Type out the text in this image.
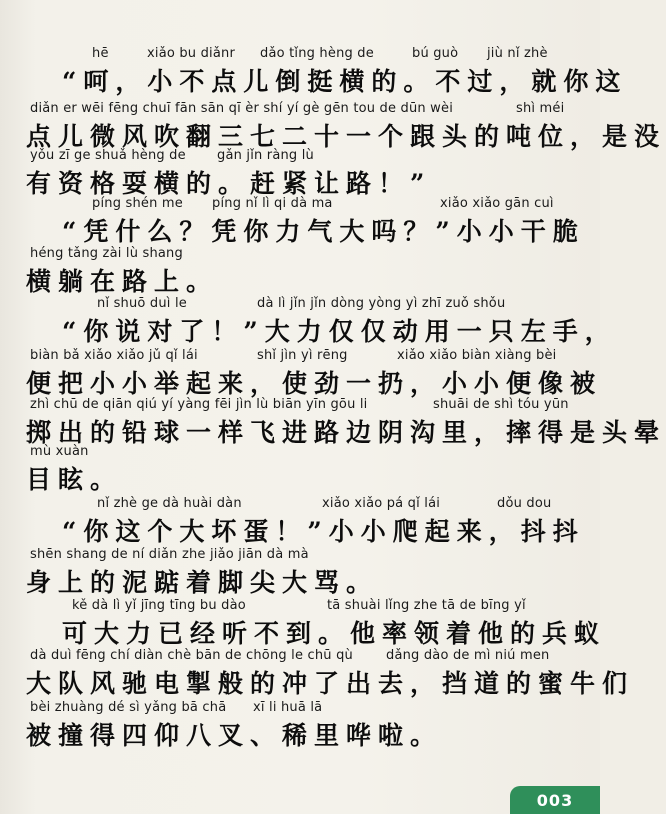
hē	xiǎo bu diǎnr dǎo tǐng hèng de	bú guò jiù nǐ zhè
“呵，小不点儿倒挺横的。不过，就你这
diǎn er wēi fēng chuī fān sān qī èr shí yí gè gēn tou de dūn wèi	shì méi
点儿微风吹翻三七二十一个跟头的吨位，是没
yǒu zī ge shuǎ hèng de gǎn jǐn ràng lù
有资格耍横的。赶紧让路！”
píng shén me píng nǐ lì qi dà ma	xiǎo xiǎo gān cuì
“凭什么？凭你力气大吗？”小小干脆
héng tǎng zài lù shang
横躺在路上。
nǐ shuō duì le	dà lì jǐn jǐn dòng yòng yì zhī zuǒ shǒu
“你说对了！”大力仅仅动用一只左手，
biàn bǎ xiǎo xiǎo jǔ qǐ lái	shǐ jìn yì rēng	xiǎo xiǎo biàn xiàng bèi
便把小小举起来，使劲一扔，小小便像被
zhì chū de qiān qiú yí yàng fēi jìn lù biān yīn gōu li	shuāi de shì tóu yūn
掷出的铅球一样飞进路边阴沟里，摔得是头晕
mù xuàn
目眩。
nǐ zhè ge dà huài dàn	xiǎo xiǎo pá qǐ lái	dǒu dou
“你这个大坏蛋！”小小爬起来，抖抖
shēn shang de ní diǎn zhe jiǎo jiān dà mà
身上的泥踮着脚尖大骂。
kě dà lì yǐ jīng tīng bu dào	tā shuài lǐng zhe tā de bīng yǐ
可大力已经听不到。他率领着他的兵蚁
dà duì fēng chí diàn chè bān de chōng le chū qù	dǎng dào de mì niú men
大队风驰电掣般的冲了出去，挡道的蜜牛们
bèi zhuàng dé sì yǎng bā chā xī li huā lā
被撞得四仰八叉、稀里哗啦。
003
